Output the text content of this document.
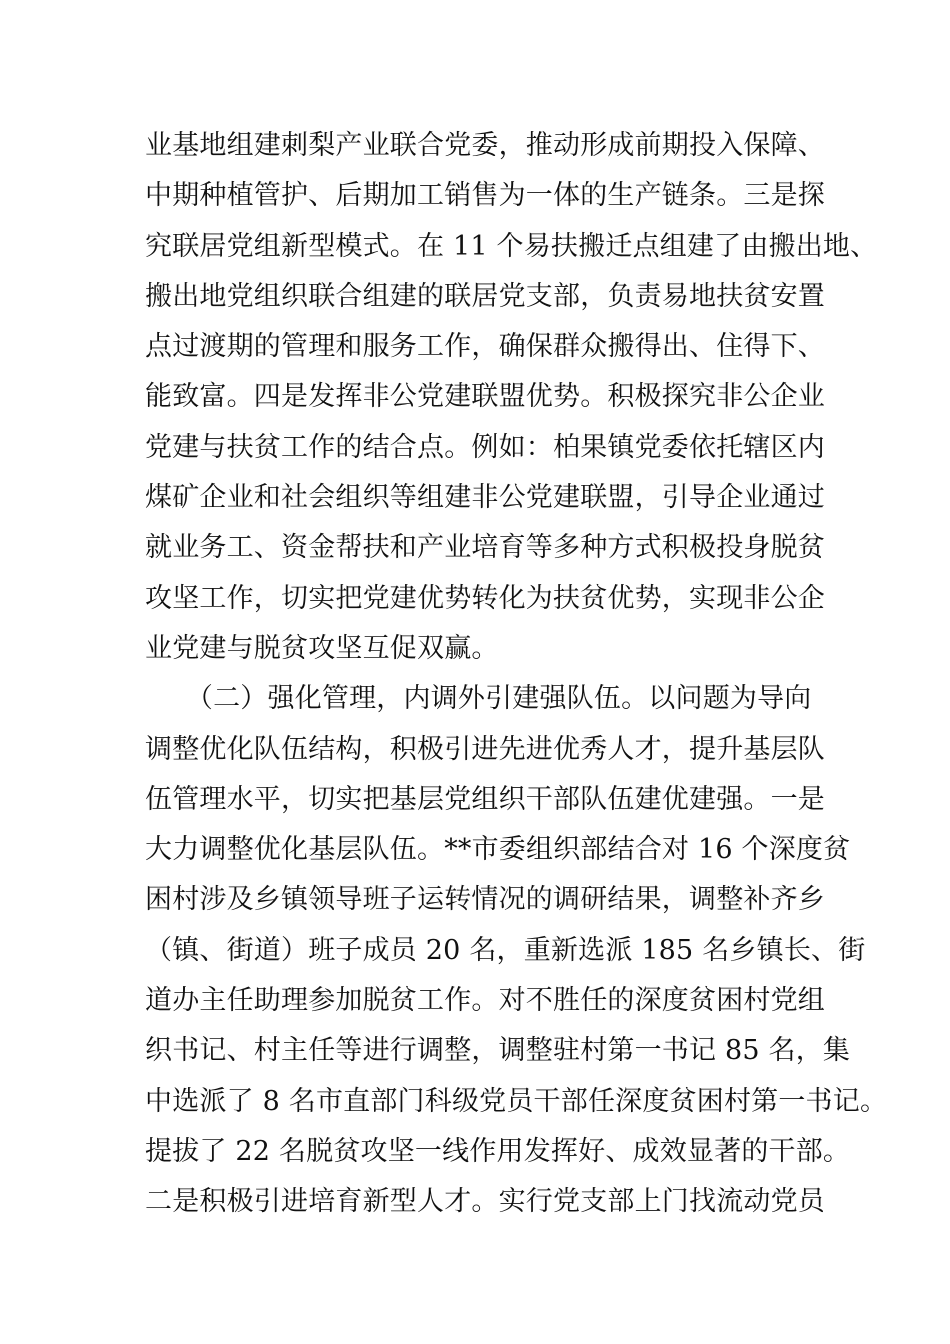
业基地组建刺梨产业联合党委，推动形成前期投入保障、
中期种植管护、后期加工销售为一体的生产链条。三是探
究联居党组新型模式。在 11 个易扶搬迁点组建了由搬出地、
搬出地党组织联合组建的联居党支部，负责易地扶贫安置
点过渡期的管理和服务工作，确保群众搬得出、住得下、
能致富。四是发挥非公党建联盟优势。积极探究非公企业
党建与扶贫工作的结合点。例如：柏果镇党委依托辖区内
煤矿企业和社会组织等组建非公党建联盟，引导企业通过
就业务工、资金帮扶和产业培育等多种方式积极投身脱贫
攻坚工作，切实把党建优势转化为扶贫优势，实现非公企
业党建与脱贫攻坚互促双赢。
　　（二）强化管理，内调外引建强队伍。以问题为导向
调整优化队伍结构，积极引进先进优秀人才，提升基层队
伍管理水平，切实把基层党组织干部队伍建优建强。一是
大力调整优化基层队伍。**市委组织部结合对 16 个深度贫
困村涉及乡镇领导班子运转情况的调研结果，调整补齐乡
（镇、街道）班子成员 20 名，重新选派 185 名乡镇长、街
道办主任助理参加脱贫工作。对不胜任的深度贫困村党组
织书记、村主任等进行调整，调整驻村第一书记 85 名，集
中选派了 8 名市直部门科级党员干部任深度贫困村第一书记。
提拔了 22 名脱贫攻坚一线作用发挥好、成效显著的干部。
二是积极引进培育新型人才。实行党支部上门找流动党员
